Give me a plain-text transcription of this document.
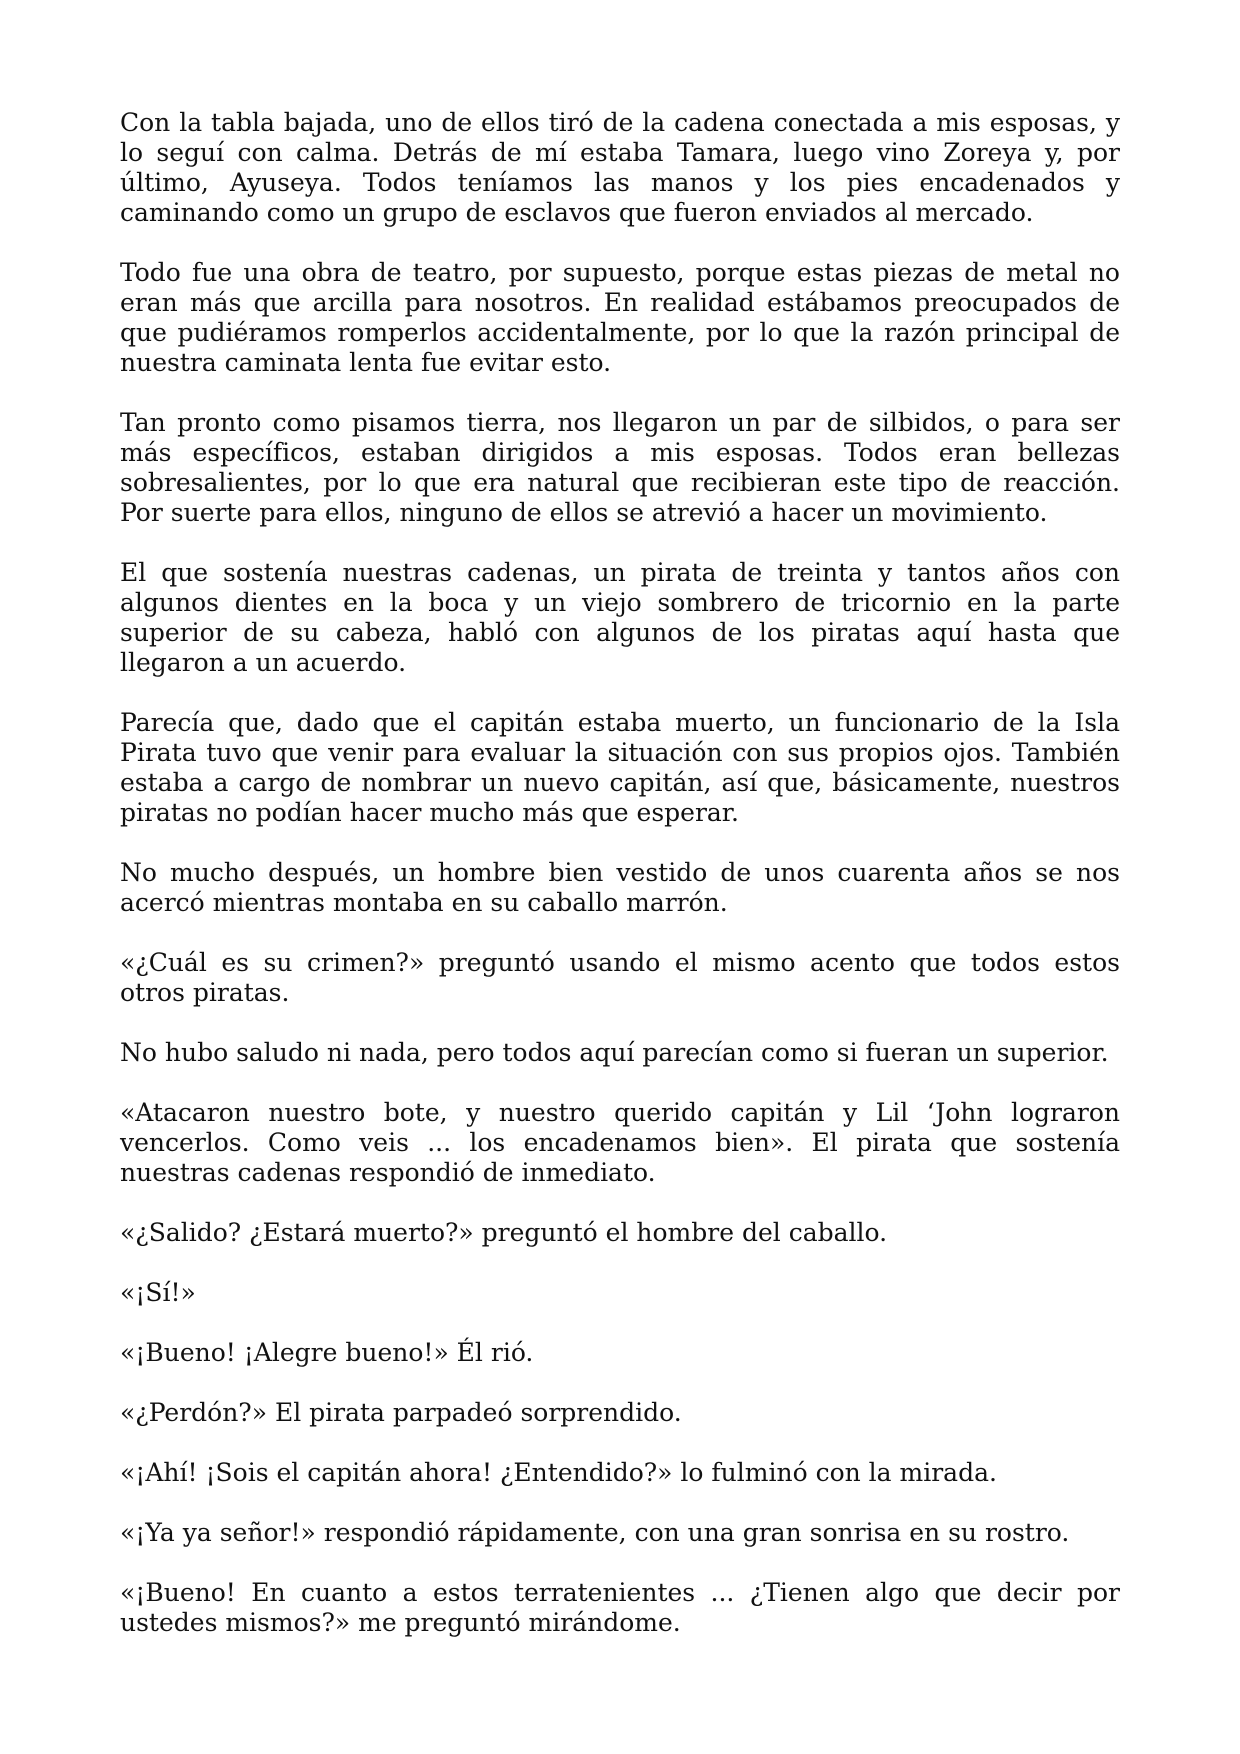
Con la tabla bajada, uno de ellos tiró de la cadena conectada a mis esposas, y lo seguí con calma. Detrás de mí estaba Tamara, luego vino Zoreya y, por último, Ayuseya. Todos teníamos las manos y los pies encadenados y caminando como un grupo de esclavos que fueron enviados al mercado.

Todo fue una obra de teatro, por supuesto, porque estas piezas de metal no eran más que arcilla para nosotros. En realidad estábamos preocupados de que pudiéramos romperlos accidentalmente, por lo que la razón principal de nuestra caminata lenta fue evitar esto.

Tan pronto como pisamos tierra, nos llegaron un par de silbidos, o para ser más específicos, estaban dirigidos a mis esposas. Todos eran bellezas sobresalientes, por lo que era natural que recibieran este tipo de reacción. Por suerte para ellos, ninguno de ellos se atrevió a hacer un movimiento.

El que sostenía nuestras cadenas, un pirata de treinta y tantos años con algunos dientes en la boca y un viejo sombrero de tricornio en la parte superior de su cabeza, habló con algunos de los piratas aquí hasta que llegaron a un acuerdo.

Parecía que, dado que el capitán estaba muerto, un funcionario de la Isla Pirata tuvo que venir para evaluar la situación con sus propios ojos. También estaba a cargo de nombrar un nuevo capitán, así que, básicamente, nuestros piratas no podían hacer mucho más que esperar.

No mucho después, un hombre bien vestido de unos cuarenta años se nos acercó mientras montaba en su caballo marrón.

«¿Cuál es su crimen?» preguntó usando el mismo acento que todos estos otros piratas.

No hubo saludo ni nada, pero todos aquí parecían como si fueran un superior.

«Atacaron nuestro bote, y nuestro querido capitán y Lil ‘John lograron vencerlos. Como veis ... los encadenamos bien». El pirata que sostenía nuestras cadenas respondió de inmediato.

«¿Salido? ¿Estará muerto?» preguntó el hombre del caballo.

«¡Sí!»

«¡Bueno! ¡Alegre bueno!» Él rió.

«¿Perdón?» El pirata parpadeó sorprendido.

«¡Ahí! ¡Sois el capitán ahora! ¿Entendido?» lo fulminó con la mirada.

«¡Ya ya señor!» respondió rápidamente, con una gran sonrisa en su rostro.

«¡Bueno! En cuanto a estos terratenientes ... ¿Tienen algo que decir por ustedes mismos?» me preguntó mirándome.
